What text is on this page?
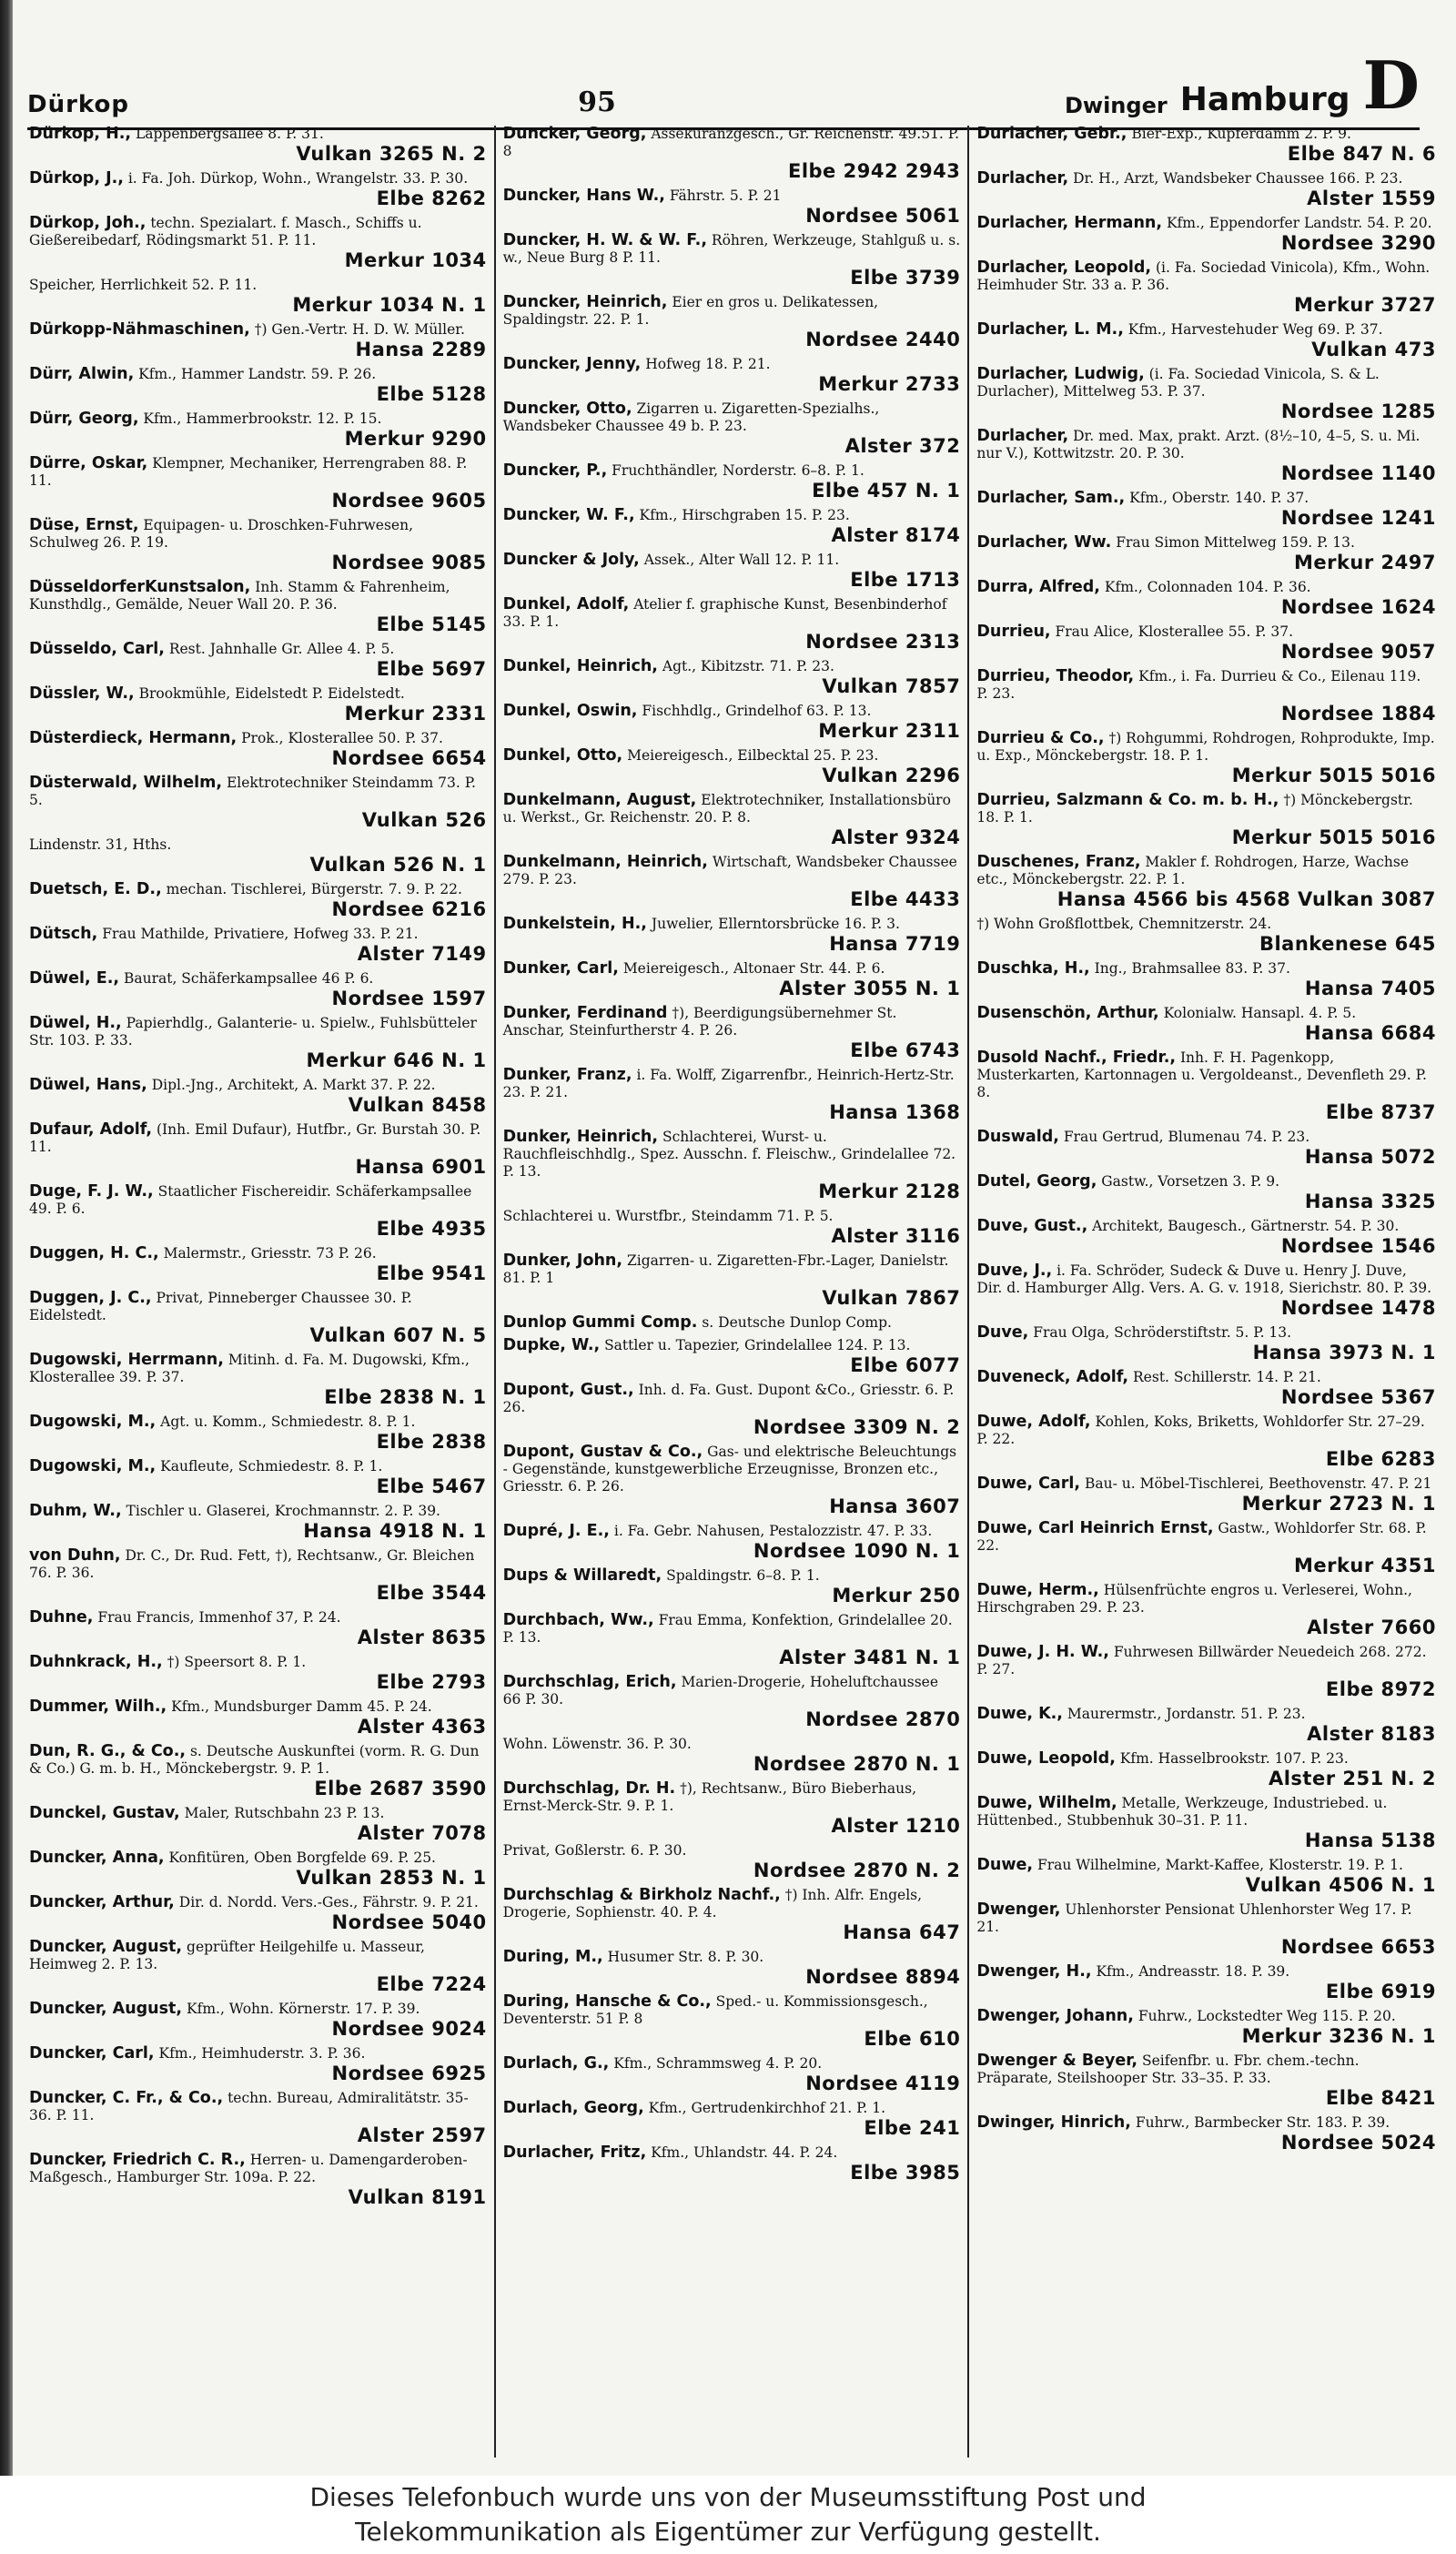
Dürkop	95	Dwinger Hamburg D
Dürkop, H., Lappenbergsallee 8. P. 31.
Vulkan 3265 N. 2
Dürkop, J., i. Fa. Joh. Dürkop, Wohn., Wrangelstr. 33. P. 30.
Elbe 8262
Dürkop, Joh., techn. Spezialart. f. Masch., Schiffs u. Gießereibedarf, Rödingsmarkt 51. P. 11.
Merkur 1034
Speicher, Herrlichkeit 52. P. 11.
Merkur 1034 N. 1
Dürkopp-Nähmaschinen, †) Gen.-Vertr. H. D. W. Müller.
Hansa 2289
Dürr, Alwin, Kfm., Hammer Landstr. 59. P. 26.
Elbe 5128
Dürr, Georg, Kfm., Hammerbrookstr. 12. P. 15.
Merkur 9290
Dürre, Oskar, Klempner, Mechaniker, Herrengraben 88. P. 11.
Nordsee 9605
Düse, Ernst, Equipagen- u. Droschken-Fuhrwesen, Schulweg 26. P. 19.
Nordsee 9085
DüsseldorferKunstsalon, Inh. Stamm & Fahrenheim, Kunsthdlg., Gemälde, Neuer Wall 20. P. 36.
Elbe 5145
Düsseldo, Carl, Rest. Jahnhalle Gr. Allee 4. P. 5.
Elbe 5697
Düssler, W., Brookmühle, Eidelstedt P. Eidelstedt.
Merkur 2331
Düsterdieck, Hermann, Prok., Klosterallee 50. P. 37.
Nordsee 6654
Düsterwald, Wilhelm, Elektrotechniker Steindamm 73. P. 5.
Vulkan 526
Lindenstr. 31, Hths.
Vulkan 526 N. 1
Duetsch, E. D., mechan. Tischlerei, Bürgerstr. 7. 9. P. 22.
Nordsee 6216
Dütsch, Frau Mathilde, Privatiere, Hofweg 33. P. 21.
Alster 7149
Düwel, E., Baurat, Schäferkampsallee 46 P. 6.
Nordsee 1597
Düwel, H., Papierhdlg., Galanterie- u. Spielw., Fuhlsbütteler Str. 103. P. 33.
Merkur 646 N. 1
Düwel, Hans, Dipl.-Jng., Architekt, A. Markt 37. P. 22.
Vulkan 8458
Dufaur, Adolf, (Inh. Emil Dufaur), Hutfbr., Gr. Burstah 30. P. 11.
Hansa 6901
Duge, F. J. W., Staatlicher Fischereidir. Schäferkampsallee 49. P. 6.
Elbe 4935
Duggen, H. C., Malermstr., Griesstr. 73 P. 26.
Elbe 9541
Duggen, J. C., Privat, Pinneberger Chaussee 30. P. Eidelstedt.
Vulkan 607 N. 5
Dugowski, Herrmann, Mitinh. d. Fa. M. Dugowski, Kfm., Klosterallee 39. P. 37.
Elbe 2838 N. 1
Dugowski, M., Agt. u. Komm., Schmiedestr. 8. P. 1.
Elbe 2838
Dugowski, M., Kaufleute, Schmiedestr. 8. P. 1.
Elbe 5467
Duhm, W., Tischler u. Glaserei, Krochmannstr. 2. P. 39.
Hansa 4918 N. 1
von Duhn, Dr. C., Dr. Rud. Fett, †), Rechtsanw., Gr. Bleichen 76. P. 36.
Elbe 3544
Duhne, Frau Francis, Immenhof 37, P. 24.
Alster 8635
Duhnkrack, H., †) Speersort 8. P. 1.
Elbe 2793
Dummer, Wilh., Kfm., Mundsburger Damm 45. P. 24.
Alster 4363
Dun, R. G., & Co., s. Deutsche Auskunftei (vorm. R. G. Dun & Co.) G. m. b. H., Mönckebergstr. 9. P. 1.
Elbe 2687 3590
Dunckel, Gustav, Maler, Rutschbahn 23 P. 13.
Alster 7078
Duncker, Anna, Konfitüren, Oben Borgfelde 69. P. 25.
Vulkan 2853 N. 1
Duncker, Arthur, Dir. d. Nordd. Vers.-Ges., Fährstr. 9. P. 21.
Nordsee 5040
Duncker, August, geprüfter Heilgehilfe u. Masseur, Heimweg 2. P. 13.
Elbe 7224
Duncker, August, Kfm., Wohn. Körnerstr. 17. P. 39.
Nordsee 9024
Duncker, Carl, Kfm., Heimhuderstr. 3. P. 36.
Nordsee 6925
Duncker, C. Fr., & Co., techn. Bureau, Admiralitätstr. 35-36. P. 11.
Alster 2597
Duncker, Friedrich C. R., Herren- u. Damengarderoben-Maßgesch., Hamburger Str. 109a. P. 22.
Vulkan 8191
Duncker, Georg, Assekuranzgesch., Gr. Reichenstr. 49.51. P. 8
Elbe 2942 2943
Duncker, Hans W., Fährstr. 5. P. 21
Nordsee 5061
Duncker, H. W. & W. F., Röhren, Werkzeuge, Stahlguß u. s. w., Neue Burg 8 P. 11.
Elbe 3739
Duncker, Heinrich, Eier en gros u. Delikatessen, Spaldingstr. 22. P. 1.
Nordsee 2440
Duncker, Jenny, Hofweg 18. P. 21.
Merkur 2733
Duncker, Otto, Zigarren u. Zigaretten-Spezialhs., Wandsbeker Chaussee 49 b. P. 23.
Alster 372
Duncker, P., Fruchthändler, Norderstr. 6–8. P. 1.
Elbe 457 N. 1
Duncker, W. F., Kfm., Hirschgraben 15. P. 23.
Alster 8174
Duncker & Joly, Assek., Alter Wall 12. P. 11.
Elbe 1713
Dunkel, Adolf, Atelier f. graphische Kunst, Besenbinderhof 33. P. 1.
Nordsee 2313
Dunkel, Heinrich, Agt., Kibitzstr. 71. P. 23.
Vulkan 7857
Dunkel, Oswin, Fischhdlg., Grindelhof 63. P. 13.
Merkur 2311
Dunkel, Otto, Meiereigesch., Eilbecktal 25. P. 23.
Vulkan 2296
Dunkelmann, August, Elektrotechniker, Installationsbüro u. Werkst., Gr. Reichenstr. 20. P. 8.
Alster 9324
Dunkelmann, Heinrich, Wirtschaft, Wandsbeker Chaussee 279. P. 23.
Elbe 4433
Dunkelstein, H., Juwelier, Ellerntorsbrücke 16. P. 3.
Hansa 7719
Dunker, Carl, Meiereigesch., Altonaer Str. 44. P. 6.
Alster 3055 N. 1
Dunker, Ferdinand †), Beerdigungsübernehmer St. Anschar, Steinfurtherstr 4. P. 26.
Elbe 6743
Dunker, Franz, i. Fa. Wolff, Zigarrenfbr., Heinrich-Hertz-Str. 23. P. 21.
Hansa 1368
Dunker, Heinrich, Schlachterei, Wurst- u. Rauchfleischhdlg., Spez. Ausschn. f. Fleischw., Grindelallee 72. P. 13.
Merkur 2128
Schlachterei u. Wurstfbr., Steindamm 71. P. 5.
Alster 3116
Dunker, John, Zigarren- u. Zigaretten-Fbr.-Lager, Danielstr. 81. P. 1
Vulkan 7867
Dunlop Gummi Comp. s. Deutsche Dunlop Comp.
Dupke, W., Sattler u. Tapezier, Grindelallee 124. P. 13.
Elbe 6077
Dupont, Gust., Inh. d. Fa. Gust. Dupont &Co., Griesstr. 6. P. 26.
Nordsee 3309 N. 2
Dupont, Gustav & Co., Gas- und elektrische Beleuchtungs - Gegenstände, kunstgewerbliche Erzeugnisse, Bronzen etc., Griesstr. 6. P. 26.
Hansa 3607
Dupré, J. E., i. Fa. Gebr. Nahusen, Pestalozzistr. 47. P. 33.
Nordsee 1090 N. 1
Dups & Willaredt, Spaldingstr. 6–8. P. 1.
Merkur 250
Durchbach, Ww., Frau Emma, Konfektion, Grindelallee 20. P. 13.
Alster 3481 N. 1
Durchschlag, Erich, Marien-Drogerie, Hoheluftchaussee 66 P. 30.
Nordsee 2870
Wohn. Löwenstr. 36. P. 30.
Nordsee 2870 N. 1
Durchschlag, Dr. H. †), Rechtsanw., Büro Bieberhaus, Ernst-Merck-Str. 9. P. 1.
Alster 1210
Privat, Goßlerstr. 6. P. 30.
Nordsee 2870 N. 2
Durchschlag & Birkholz Nachf., †) Inh. Alfr. Engels, Drogerie, Sophienstr. 40. P. 4.
Hansa 647
During, M., Husumer Str. 8. P. 30.
Nordsee 8894
During, Hansche & Co., Sped.- u. Kommissionsgesch., Deventerstr. 51 P. 8
Elbe 610
Durlach, G., Kfm., Schrammsweg 4. P. 20.
Nordsee 4119
Durlach, Georg, Kfm., Gertrudenkirchhof 21. P. 1.
Elbe 241
Durlacher, Fritz, Kfm., Uhlandstr. 44. P. 24.
Elbe 3985
Durlacher, Gebr., Bier-Exp., Kupferdamm 2. P. 9.
Elbe 847 N. 6
Durlacher, Dr. H., Arzt, Wandsbeker Chaussee 166. P. 23.
Alster 1559
Durlacher, Hermann, Kfm., Eppendorfer Landstr. 54. P. 20.
Nordsee 3290
Durlacher, Leopold, (i. Fa. Sociedad Vinicola), Kfm., Wohn. Heimhuder Str. 33 a. P. 36.
Merkur 3727
Durlacher, L. M., Kfm., Harvestehuder Weg 69. P. 37.
Vulkan 473
Durlacher, Ludwig, (i. Fa. Sociedad Vinicola, S. & L. Durlacher), Mittelweg 53. P. 37.
Nordsee 1285
Durlacher, Dr. med. Max, prakt. Arzt. (8½–10, 4–5, S. u. Mi. nur V.), Kottwitzstr. 20. P. 30.
Nordsee 1140
Durlacher, Sam., Kfm., Oberstr. 140. P. 37.
Nordsee 1241
Durlacher, Ww. Frau Simon Mittelweg 159. P. 13.
Merkur 2497
Durra, Alfred, Kfm., Colonnaden 104. P. 36.
Nordsee 1624
Durrieu, Frau Alice, Klosterallee 55. P. 37.
Nordsee 9057
Durrieu, Theodor, Kfm., i. Fa. Durrieu & Co., Eilenau 119. P. 23.
Nordsee 1884
Durrieu & Co., †) Rohgummi, Rohdrogen, Rohprodukte, Imp. u. Exp., Mönckebergstr. 18. P. 1.
Merkur 5015 5016
Durrieu, Salzmann & Co. m. b. H., †) Mönckebergstr. 18. P. 1.
Merkur 5015 5016
Duschenes, Franz, Makler f. Rohdrogen, Harze, Wachse etc., Mönckebergstr. 22. P. 1.
Hansa 4566 bis 4568 Vulkan 3087
†) Wohn Großflottbek, Chemnitzerstr. 24.
Blankenese 645
Duschka, H., Ing., Brahmsallee 83. P. 37.
Hansa 7405
Dusenschön, Arthur, Kolonialw. Hansapl. 4. P. 5.
Hansa 6684
Dusold Nachf., Friedr., Inh. F. H. Pagenkopp, Musterkarten, Kartonnagen u. Vergoldeanst., Devenfleth 29. P. 8.
Elbe 8737
Duswald, Frau Gertrud, Blumenau 74. P. 23.
Hansa 5072
Dutel, Georg, Gastw., Vorsetzen 3. P. 9.
Hansa 3325
Duve, Gust., Architekt, Baugesch., Gärtnerstr. 54. P. 30.
Nordsee 1546
Duve, J., i. Fa. Schröder, Sudeck & Duve u. Henry J. Duve, Dir. d. Hamburger Allg. Vers. A. G. v. 1918, Sierichstr. 80. P. 39.
Nordsee 1478
Duve, Frau Olga, Schröderstiftstr. 5. P. 13.
Hansa 3973 N. 1
Duveneck, Adolf, Rest. Schillerstr. 14. P. 21.
Nordsee 5367
Duwe, Adolf, Kohlen, Koks, Briketts, Wohldorfer Str. 27–29. P. 22.
Elbe 6283
Duwe, Carl, Bau- u. Möbel-Tischlerei, Beethovenstr. 47. P. 21
Merkur 2723 N. 1
Duwe, Carl Heinrich Ernst, Gastw., Wohldorfer Str. 68. P. 22.
Merkur 4351
Duwe, Herm., Hülsenfrüchte engros u. Verleserei, Wohn., Hirschgraben 29. P. 23.
Alster 7660
Duwe, J. H. W., Fuhrwesen Billwärder Neuedeich 268. 272. P. 27.
Elbe 8972
Duwe, K., Maurermstr., Jordanstr. 51. P. 23.
Alster 8183
Duwe, Leopold, Kfm. Hasselbrookstr. 107. P. 23.
Alster 251 N. 2
Duwe, Wilhelm, Metalle, Werkzeuge, Industriebed. u. Hüttenbed., Stubbenhuk 30–31. P. 11.
Hansa 5138
Duwe, Frau Wilhelmine, Markt-Kaffee, Klosterstr. 19. P. 1.
Vulkan 4506 N. 1
Dwenger, Uhlenhorster Pensionat Uhlenhorster Weg 17. P. 21.
Nordsee 6653
Dwenger, H., Kfm., Andreasstr. 18. P. 39.
Elbe 6919
Dwenger, Johann, Fuhrw., Lockstedter Weg 115. P. 20.
Merkur 3236 N. 1
Dwenger & Beyer, Seifenfbr. u. Fbr. chem.-techn. Präparate, Steilshooper Str. 33–35. P. 33.
Elbe 8421
Dwinger, Hinrich, Fuhrw., Barmbecker Str. 183. P. 39.
Nordsee 5024
Dieses Telefonbuch wurde uns von der Museumsstiftung Post und
Telekommunikation als Eigentümer zur Verfügung gestellt.
